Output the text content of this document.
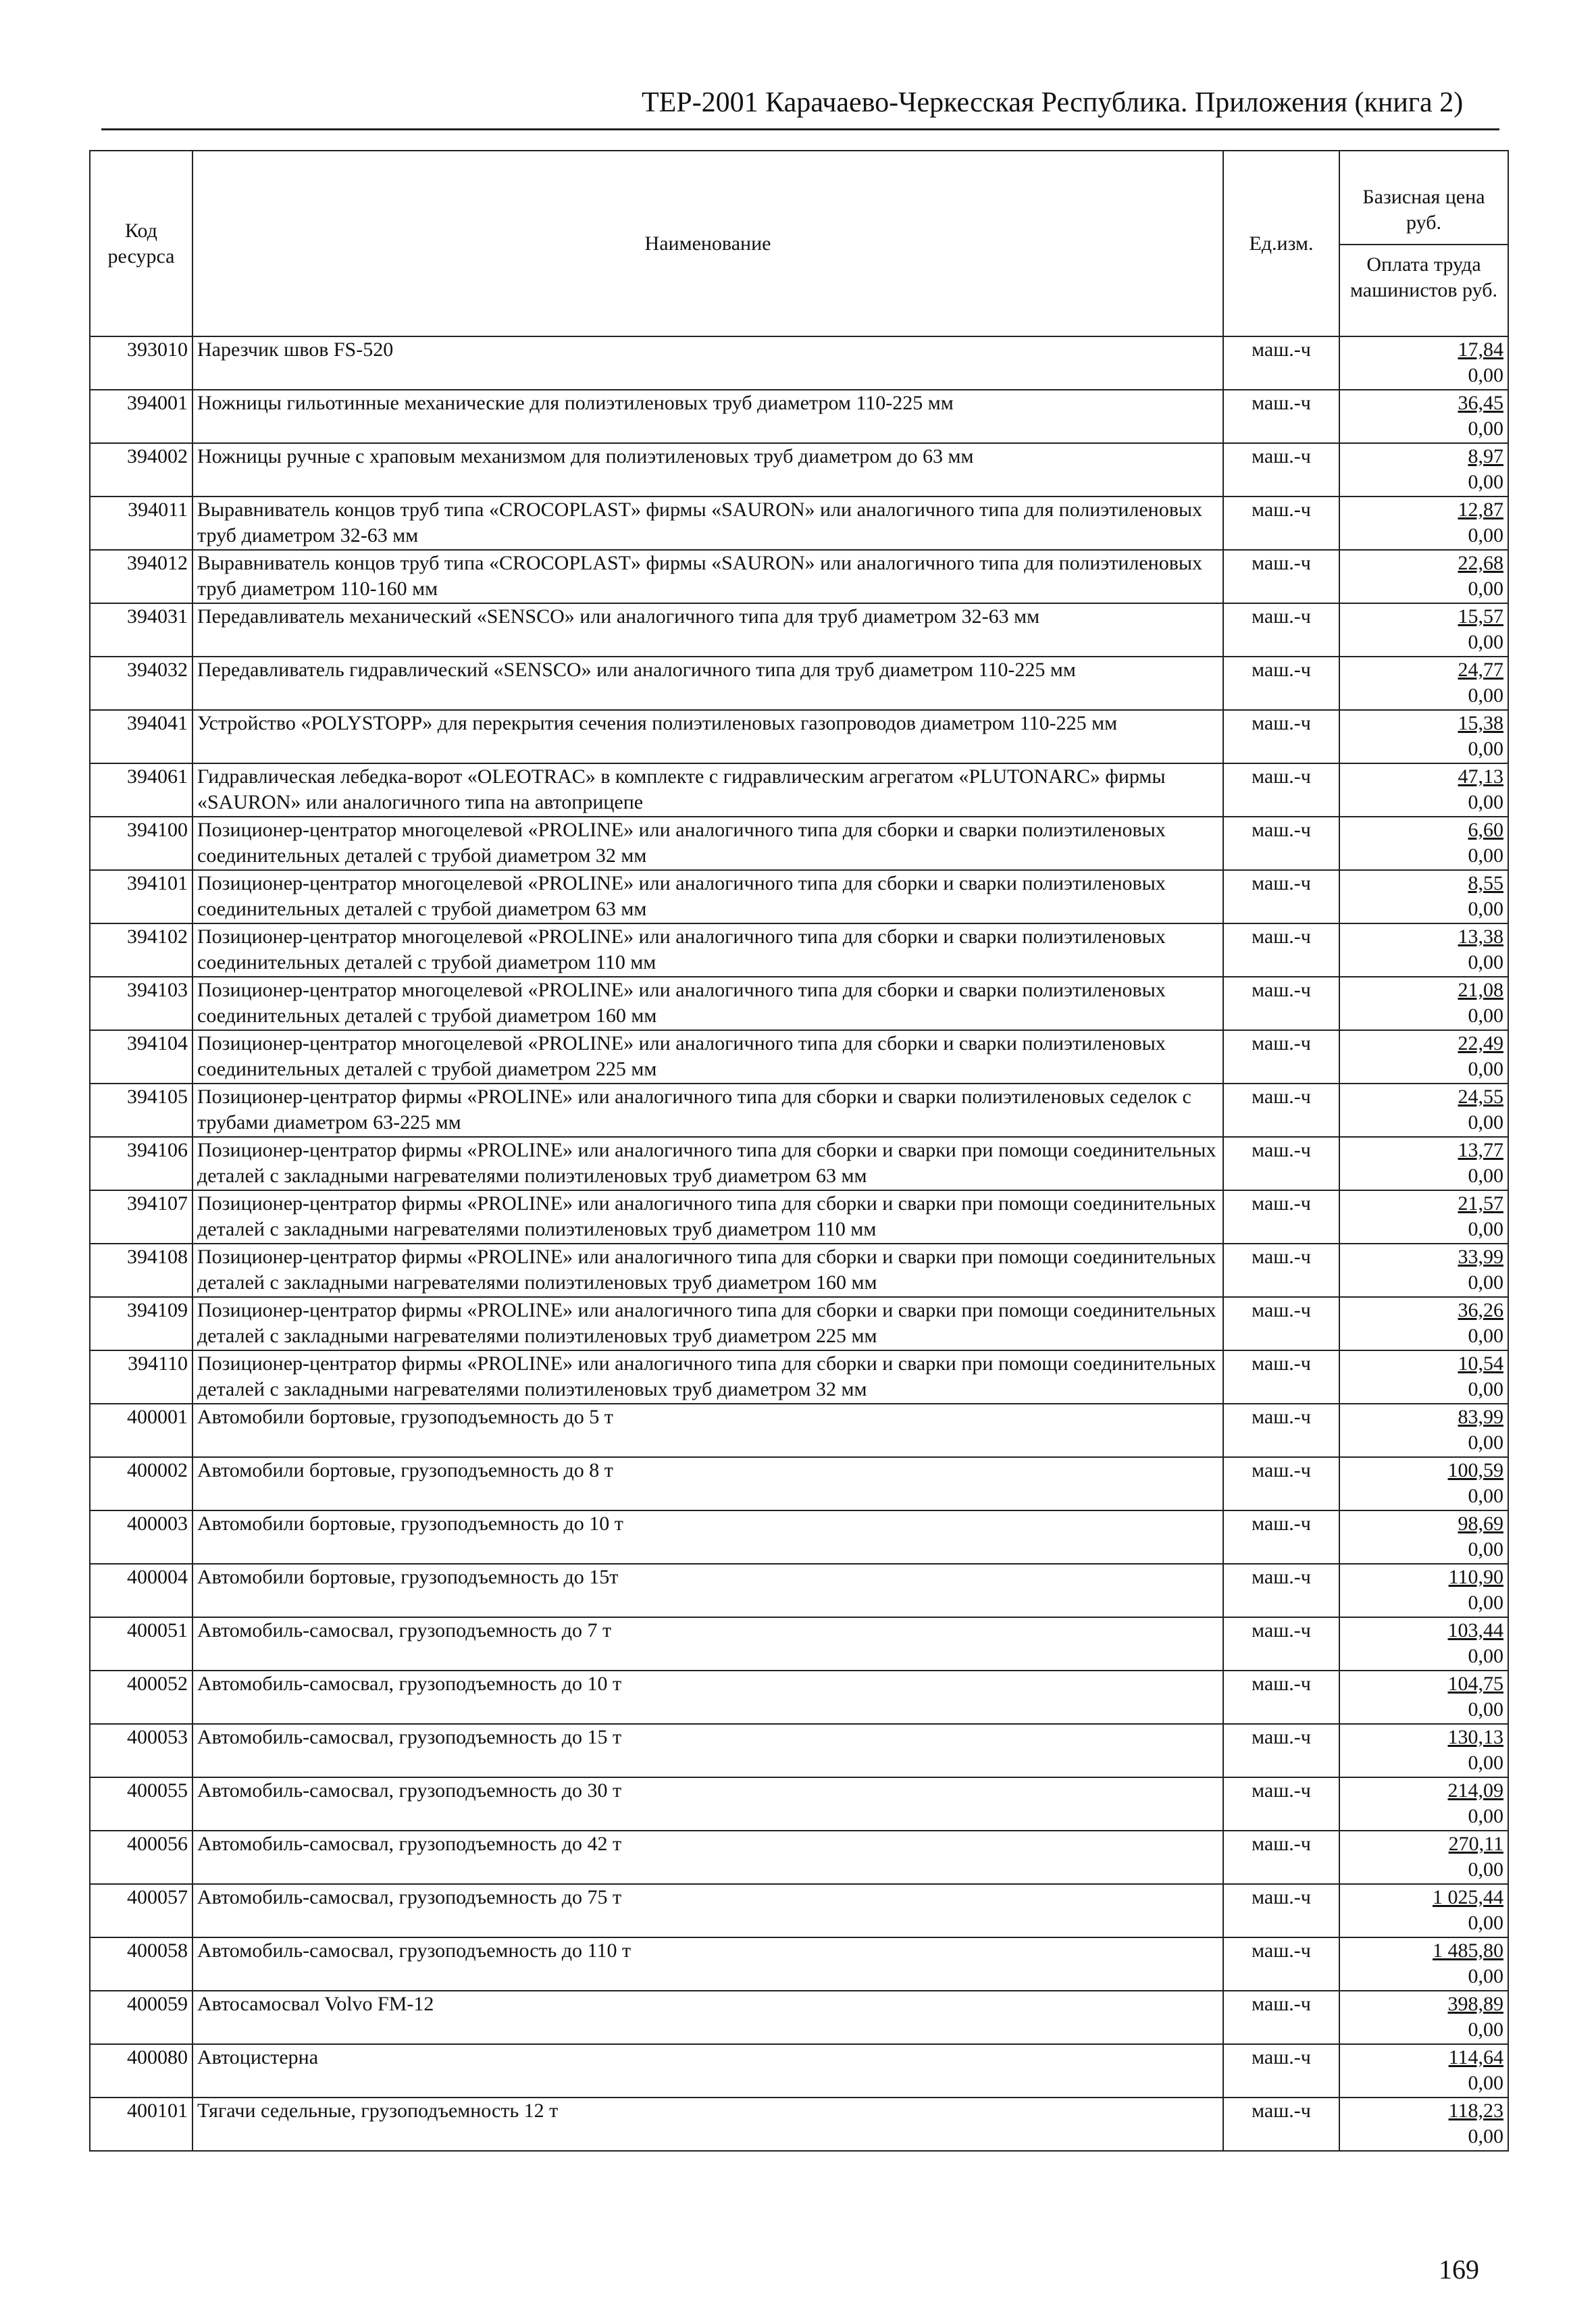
ТЕР-2001 Карачаево-Черкесская Республика. Приложения (книга 2)
Код ресурса	Наименование	Ед.изм.	Базисная цена руб.
Оплата труда машинистов руб.

393010	Нарезчик швов FS-520	маш.-ч	17,84
0,00

394001	Ножницы гильотинные механические для полиэтиленовых труб диаметром 110-225 мм	маш.-ч	36,45
0,00

394002	Ножницы ручные с храповым механизмом для полиэтиленовых труб диаметром до 63 мм	маш.-ч	8,97
0,00

394011	Выравниватель концов труб типа «CROCOPLAST» фирмы «SAURON» или аналогичного типа для полиэтиленовых труб диаметром 32-63 мм	маш.-ч	12,87
0,00

394012	Выравниватель концов труб типа «CROCOPLAST» фирмы «SAURON» или аналогичного типа для полиэтиленовых труб диаметром 110-160 мм	маш.-ч	22,68
0,00

394031	Передавливатель механический «SENSCO» или аналогичного типа для труб диаметром 32-63 мм	маш.-ч	15,57
0,00

394032	Передавливатель гидравлический «SENSCO» или аналогичного типа для труб диаметром 110-225 мм	маш.-ч	24,77
0,00

394041	Устройство «POLYSTOPP» для перекрытия сечения полиэтиленовых газопроводов диаметром 110-225 мм	маш.-ч	15,38
0,00

394061	Гидравлическая лебедка-ворот «OLEOTRAC» в комплекте с гидравлическим агрегатом «PLUTONARC» фирмы «SAURON» или аналогичного типа на автоприцепе	маш.-ч	47,13
0,00

394100	Позиционер-центратор многоцелевой «PROLINE» или аналогичного типа для сборки и сварки полиэтиленовых соединительных деталей с трубой диаметром 32 мм	маш.-ч	6,60
0,00

394101	Позиционер-центратор многоцелевой «PROLINE» или аналогичного типа для сборки и сварки полиэтиленовых соединительных деталей с трубой диаметром 63 мм	маш.-ч	8,55
0,00

394102	Позиционер-центратор многоцелевой «PROLINE» или аналогичного типа для сборки и сварки полиэтиленовых соединительных деталей с трубой диаметром 110 мм	маш.-ч	13,38
0,00

394103	Позиционер-центратор многоцелевой «PROLINE» или аналогичного типа для сборки и сварки полиэтиленовых соединительных деталей с трубой диаметром 160 мм	маш.-ч	21,08
0,00

394104	Позиционер-центратор многоцелевой «PROLINE» или аналогичного типа для сборки и сварки полиэтиленовых соединительных деталей с трубой диаметром 225 мм	маш.-ч	22,49
0,00

394105	Позиционер-центратор фирмы «PROLINE» или аналогичного типа для сборки и сварки полиэтиленовых седелок с трубами диаметром 63-225 мм	маш.-ч	24,55
0,00

394106	Позиционер-центратор фирмы «PROLINE» или аналогичного типа для сборки и сварки при помощи соединительных деталей с закладными нагревателями полиэтиленовых труб диаметром 63 мм	маш.-ч	13,77
0,00

394107	Позиционер-центратор фирмы «PROLINE» или аналогичного типа для сборки и сварки при помощи соединительных деталей с закладными нагревателями полиэтиленовых труб диаметром 110 мм	маш.-ч	21,57
0,00

394108	Позиционер-центратор фирмы «PROLINE» или аналогичного типа для сборки и сварки при помощи соединительных деталей с закладными нагревателями полиэтиленовых труб диаметром 160 мм	маш.-ч	33,99
0,00

394109	Позиционер-центратор фирмы «PROLINE» или аналогичного типа для сборки и сварки при помощи соединительных деталей с закладными нагревателями полиэтиленовых труб диаметром 225 мм	маш.-ч	36,26
0,00

394110	Позиционер-центратор фирмы «PROLINE» или аналогичного типа для сборки и сварки при помощи соединительных деталей с закладными нагревателями полиэтиленовых труб диаметром 32 мм	маш.-ч	10,54
0,00

400001	Автомобили бортовые, грузоподъемность до 5 т	маш.-ч	83,99
0,00

400002	Автомобили бортовые, грузоподъемность до 8 т	маш.-ч	100,59
0,00

400003	Автомобили бортовые, грузоподъемность до 10 т	маш.-ч	98,69
0,00

400004	Автомобили бортовые, грузоподъемность до 15т	маш.-ч	110,90
0,00

400051	Автомобиль-самосвал, грузоподъемность до 7 т	маш.-ч	103,44
0,00

400052	Автомобиль-самосвал, грузоподъемность до 10 т	маш.-ч	104,75
0,00

400053	Автомобиль-самосвал, грузоподъемность до 15 т	маш.-ч	130,13
0,00

400055	Автомобиль-самосвал, грузоподъемность до 30 т	маш.-ч	214,09
0,00

400056	Автомобиль-самосвал, грузоподъемность до 42 т	маш.-ч	270,11
0,00

400057	Автомобиль-самосвал, грузоподъемность до 75 т	маш.-ч	1 025,44
0,00

400058	Автомобиль-самосвал, грузоподъемность до 110 т	маш.-ч	1 485,80
0,00

400059	Автосамосвал Volvo FM-12	маш.-ч	398,89
0,00

400080	Автоцистерна	маш.-ч	114,64
0,00

400101	Тягачи седельные, грузоподъемность 12 т	маш.-ч	118,23
0,00
169
